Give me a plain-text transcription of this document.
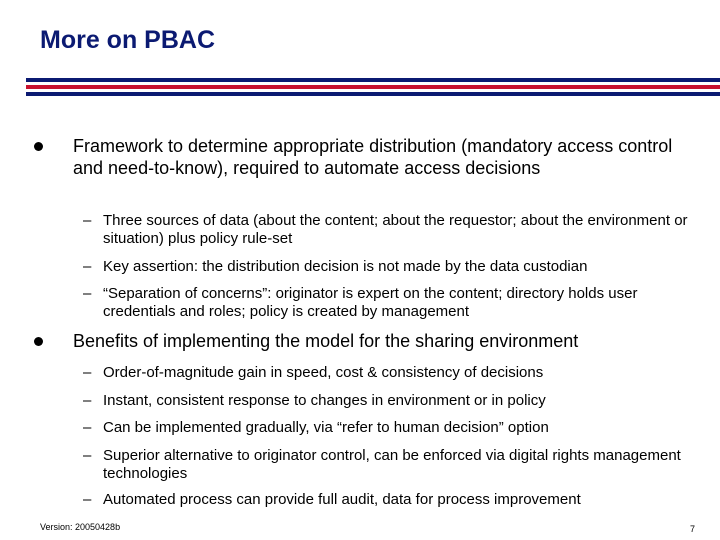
More on PBAC
Framework to determine appropriate distribution (mandatory access control and need-to-know), required to automate access decisions
– Three sources of data (about the content; about the requestor; about the environment or situation) plus policy rule-set
– Key assertion: the distribution decision is not made by the data custodian
– “Separation of concerns”: originator is expert on the content; directory holds user credentials and roles; policy is created by management
Benefits of implementing the model for the sharing environment
– Order-of-magnitude gain in speed, cost & consistency of decisions
– Instant, consistent response to changes in environment or in policy
– Can be implemented gradually, via “refer to human decision” option
– Superior alternative to originator control, can be enforced via digital rights management technologies
– Automated process can provide full audit, data for process improvement
Version: 20050428b	7
